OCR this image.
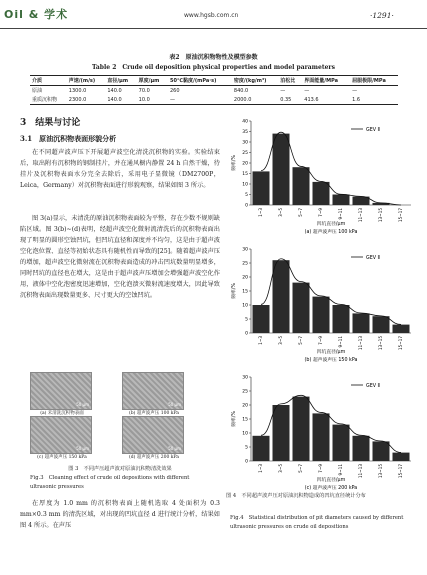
Oil & 学术	www.hgsb.com.cn	·1291·
表2　原油沉积物物性及模型参数
Table 2　Crude oil deposition physical properties and model parameters
介质	声速/(m/s)	直径/μm	厚度/μm	50℃黏度/(mPa·s)	密度/(kg/m³)	泊松比	界面能量/MPa	屈服极限/MPa
原油	1300.0	140.0	70.0	260	840.0	—	—	—
重质沉积物	2300.0	140.0	10.0	—	2000.0	0.35	413.6	1.6
3　结果与讨论
3.1　原油沉积物表面形貌分析
在不同超声波声压下开展超声波空化清洗沉积物的实验。实验结束后，取出附有沉积物的钢制挂片，并在通风橱内静置 24 h 自然干燥，待挂片及沉积物表面水分完全去除后，采用电子显微镜（DM2700P，Leica，Germany）对沉积物表面进行形貌观察，结果如图 3 所示。
图 3(a)显示，未清洗的原油沉积物表面较为平整，存在少数不规则缺陷区域。图 3(b)~(d)表明，经超声波空化微射流清洗后的沉积物表面出现了明显的圆形空蚀凹坑，但凹坑直径和深度并不均匀，这是由于超声波空化泡位置、直径等初始状态具有随机性而导致的[25]。随着超声波声压的增加，超声波空化微射流在沉积物表面造成的冲击凹坑数量明显增多，同时凹坑的直径也在增大，这是由于超声波声压增加会增强超声波空化作用，液体中空化泡密度迅速增加，空化泡溃灭微射流速度增大，因此导致沉积物表面出现数量更多、尺寸更大的空蚀凹坑。
50 μm
(a) 未清洗沉积物表面
50 μm
(b) 超声波声压 100 kPa
50 μm
(c) 超声波声压 150 kPa
50 μm
(d) 超声波声压 200 kPa
图 3　不同声压超声波对原油沉积物清洗效果
Fig.3　Cleaning effect of crude oil depositions with different ultrasonic pressures
在厚度为 1.0 mm 的沉积物表面上随机选取 4 处面积为 0.3 mm×0.3 mm 的清洗区域，对出现的凹坑直径 d 进行统计分析，结果如图 4 所示。在声压
0
5
10
15
20
25
30
35
40
1~3	3~5	5~7	7~9	9~11	11~13	13~15	15~17
GEV Ⅱ
频率/%
凹坑直径/μm
(a) 超声波声压 100 kPa
0
5
10
15
20
25
30
1~3	3~5	5~7	7~9	9~11	11~13	13~15	15~17
GEV Ⅱ
频率/%
凹坑直径/μm
(b) 超声波声压 150 kPa
0
5
10
15
20
25
30
1~3	3~5	5~7	7~9	9~11	11~13	13~15	15~17
GEV Ⅱ
频率/%
凹坑直径/μm
(c) 超声波声压 200 kPa
图 4　不同超声波声压对原油沉积物造成的凹坑直径统计分布
Fig.4　Statistical distribution of pit diameters caused by different ultrasonic pressures on crude oil depositions
